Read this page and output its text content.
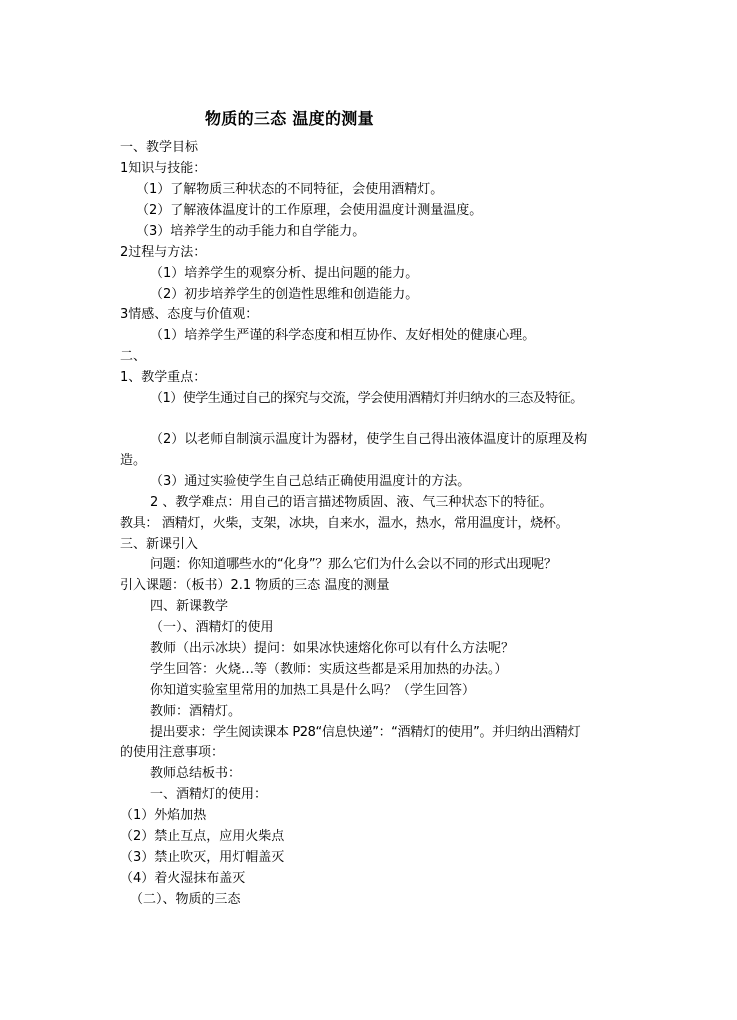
物质的三态 温度的测量
一、教学目标
1知识与技能：
（1）了解物质三种状态的不同特征，会使用酒精灯。
（2）了解液体温度计的工作原理，会使用温度计测量温度。
（3）培养学生的动手能力和自学能力。
2过程与方法：
（1）培养学生的观察分析、提出问题的能力。
（2）初步培养学生的创造性思维和创造能力。
3情感、态度与价值观：
（1）培养学生严谨的科学态度和相互协作、友好相处的健康心理。
二、
1、教学重点：
（1）使学生通过自己的探究与交流，学会使用酒精灯并归纳水的三态及特征。
（2）以老师自制演示温度计为器材，使学生自己得出液体温度计的原理及构
造。
（3）通过实验使学生自己总结正确使用温度计的方法。
2 、教学难点：用自己的语言描述物质固、液、气三种状态下的特征。
教具： 酒精灯，火柴，支架，冰块，自来水，温水，热水，常用温度计，烧杯。
三、新课引入
问题：你知道哪些水的“化身”？那么它们为什么会以不同的形式出现呢？
引入课题：（板书）2.1 物质的三态 温度的测量
四、新课教学
（一）、酒精灯的使用
教师（出示冰块）提问：如果冰快速熔化你可以有什么方法呢？
学生回答：火烧…等（教师：实质这些都是采用加热的办法。）
你知道实验室里常用的加热工具是什么吗？（学生回答）
教师：酒精灯。
提出要求：学生阅读课本 P28“信息快递”：“酒精灯的使用”。并归纳出酒精灯
的使用注意事项：
教师总结板书：
一、酒精灯的使用：
（1）外焰加热
（2）禁止互点，应用火柴点
（3）禁止吹灭，用灯帽盖灭
（4）着火湿抹布盖灭
（二）、物质的三态
